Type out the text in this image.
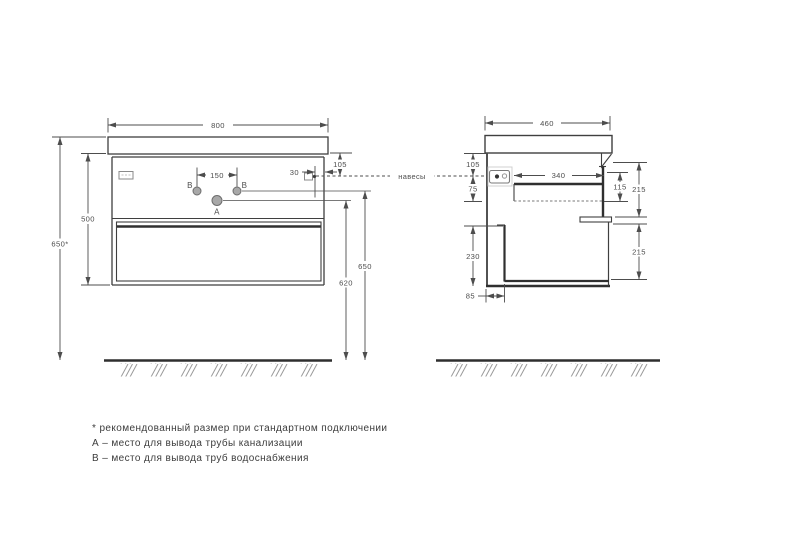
В	В
А
800
150	30
105
500
650*
620
650
навесы
460
105
75
340
115 215
215
230
85
* рекомендованный размер при стандартном подключении
А – место для вывода трубы канализации
В – место для вывода труб водоснабжения
